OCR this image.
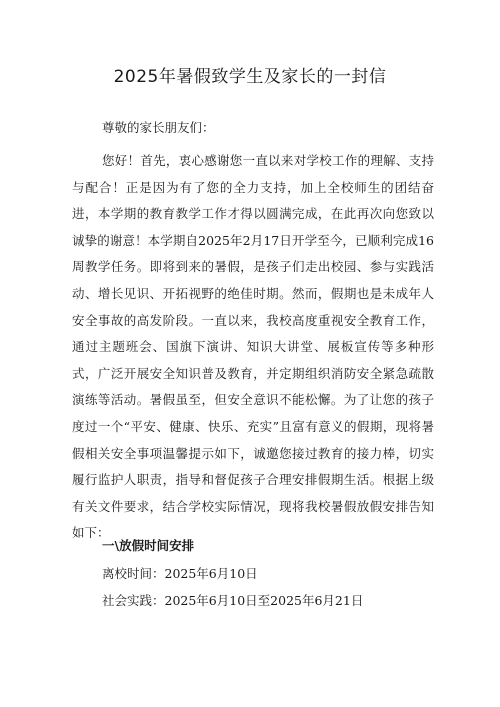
2025年暑假致学生及家长的一封信

尊敬的家长朋友们：

您好！首先，衷心感谢您一直以来对学校工作的理解、支持与配合！正是因为有了您的全力支持，加上全校师生的团结奋进，本学期的教育教学工作才得以圆满完成，在此再次向您致以诚挚的谢意！本学期自2025年2月17日开学至今，已顺利完成16周教学任务。即将到来的暑假，是孩子们走出校园、参与实践活动、增长见识、开拓视野的绝佳时期。然而，假期也是未成年人安全事故的高发阶段。一直以来，我校高度重视安全教育工作，通过主题班会、国旗下演讲、知识大讲堂、展板宣传等多种形式，广泛开展安全知识普及教育，并定期组织消防安全紧急疏散演练等活动。暑假虽至，但安全意识不能松懈。为了让您的孩子度过一个“平安、健康、快乐、充实”且富有意义的假期，现将暑假相关安全事项温馨提示如下，诚邀您接过教育的接力棒，切实履行监护人职责，指导和督促孩子合理安排假期生活。根据上级有关文件要求，结合学校实际情况，现将我校暑假放假安排告知如下：

一\放假时间安排

离校时间：2025年6月10日

社会实践：2025年6月10日至2025年6月21日
